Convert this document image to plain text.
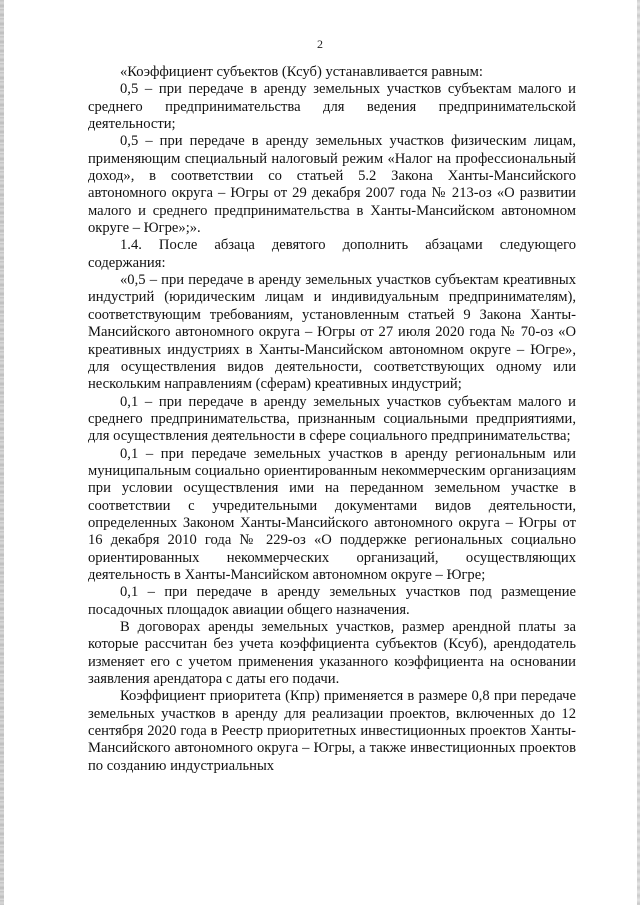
2

«Коэффициент субъектов (Ксуб) устанавливается равным:

0,5 – при передаче в аренду земельных участков субъектам малого и среднего предпринимательства для ведения предпринимательской деятельности;

0,5 – при передаче в аренду земельных участков физическим лицам, применяющим специальный налоговый режим «Налог на профессиональный доход», в соответствии со статьей 5.2 Закона Ханты-Мансийского автономного округа – Югры от 29 декабря 2007 года № 213-оз «О развитии малого и среднего предпринимательства в Ханты-Мансийском автономном округе – Югре»;».

1.4. После абзаца девятого дополнить абзацами следующего содержания:

«0,5 – при передаче в аренду земельных участков субъектам креативных индустрий (юридическим лицам и индивидуальным предпринимателям), соответствующим требованиям, установленным статьей 9 Закона Ханты-Мансийского автономного округа – Югры от 27 июля 2020 года № 70-оз «О креативных индустриях в Ханты-Мансийском автономном округе – Югре», для осуществления видов деятельности, соответствующих одному или нескольким направлениям (сферам) креативных индустрий;

0,1 – при передаче в аренду земельных участков субъектам малого и среднего предпринимательства, признанным социальными предприятиями, для осуществления деятельности в сфере социального предпринимательства;

0,1 – при передаче земельных участков в аренду региональным или муниципальным социально ориентированным некоммерческим организациям при условии осуществления ими на переданном земельном участке в соответствии с учредительными документами видов деятельности, определенных Законом Ханты-Мансийского автономного округа – Югры от 16 декабря 2010 года № 229-оз «О поддержке региональных социально ориентированных некоммерческих организаций, осуществляющих деятельность в Ханты-Мансийском автономном округе – Югре;

0,1 – при передаче в аренду земельных участков под размещение посадочных площадок авиации общего назначения.

В договорах аренды земельных участков, размер арендной платы за которые рассчитан без учета коэффициента субъектов (Ксуб), арендодатель изменяет его с учетом применения указанного коэффициента на основании заявления арендатора с даты его подачи.

Коэффициент приоритета (Кпр) применяется в размере 0,8 при передаче земельных участков в аренду для реализации проектов, включенных до 12 сентября 2020 года в Реестр приоритетных инвестиционных проектов Ханты-Мансийского автономного округа – Югры, а также инвестиционных проектов по созданию индустриальных
